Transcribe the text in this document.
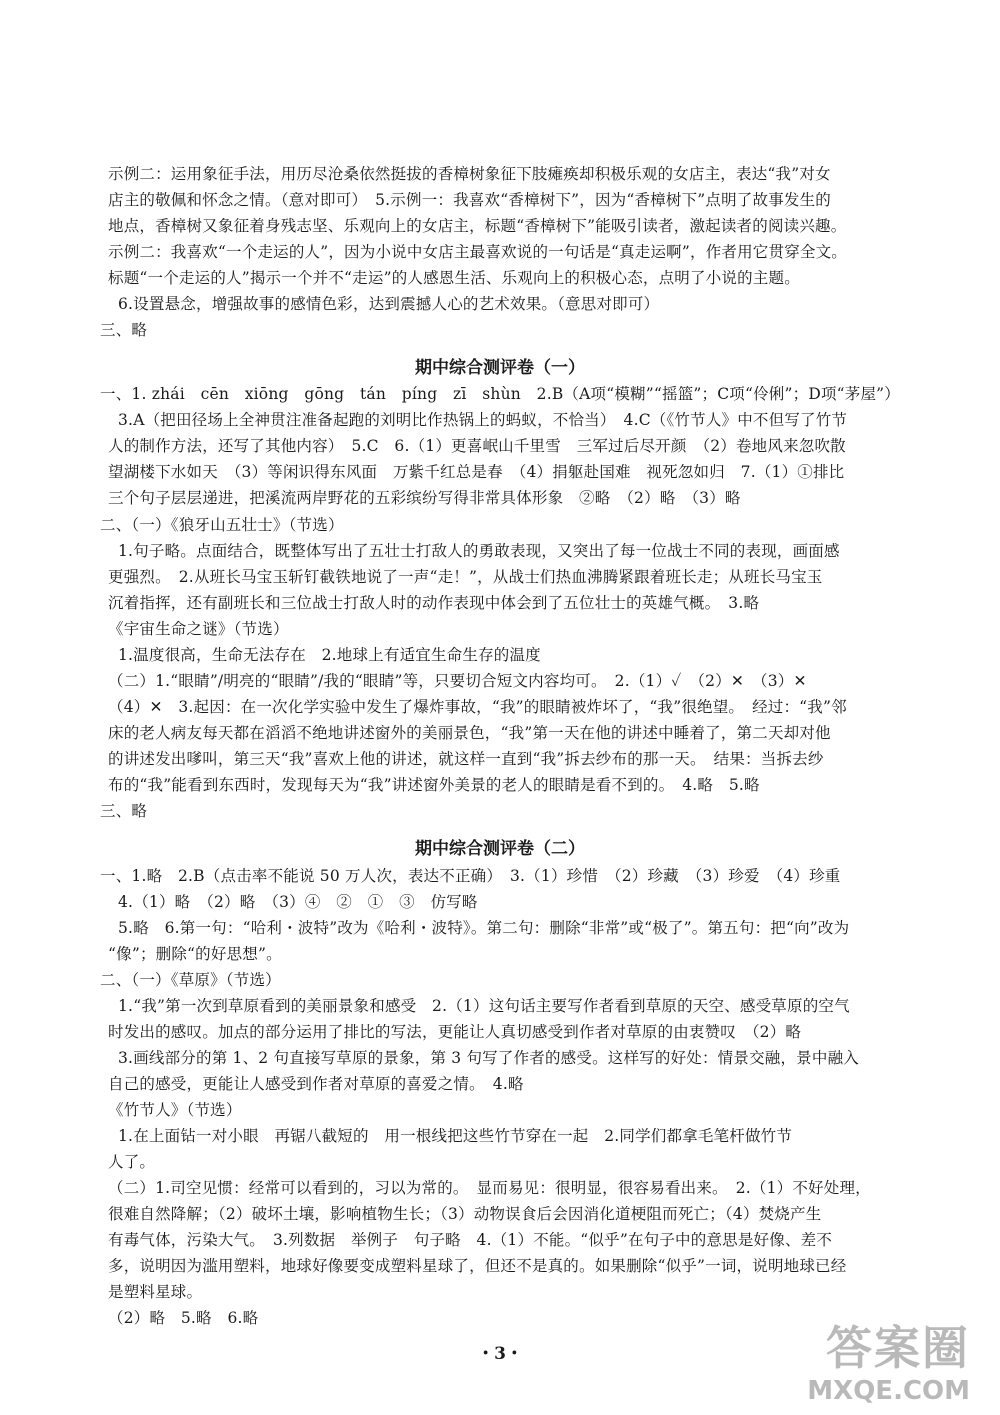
示例二：运用象征手法，用历尽沧桑依然挺拔的香樟树象征下肢瘫痪却积极乐观的女店主，表达“我”对女
店主的敬佩和怀念之情。（意对即可）　5.示例一：我喜欢“香樟树下”，因为“香樟树下”点明了故事发生的
地点，香樟树又象征着身残志坚、乐观向上的女店主，标题“香樟树下”能吸引读者，激起读者的阅读兴趣。
示例二：我喜欢“一个走运的人”，因为小说中女店主最喜欢说的一句话是“真走运啊”，作者用它贯穿全文。
标题“一个走运的人”揭示一个并不“走运”的人感恩生活、乐观向上的积极心态，点明了小说的主题。
6.设置悬念，增强故事的感情色彩，达到震撼人心的艺术效果。（意思对即可）
三、略
一、1. zhái　cēn　xiōng　gōng　tán　píng　zī　shùn　2.B（A项“模糊”“摇篮”；C项“伶俐”；D项“茅屋”）
3.A（把田径场上全神贯注准备起跑的刘明比作热锅上的蚂蚁，不恰当）　4.C（《竹节人》中不但写了竹节
人的制作方法，还写了其他内容）　5.C　6.（1）更喜岷山千里雪　三军过后尽开颜　（2）卷地风来忽吹散
望湖楼下水如天　（3）等闲识得东风面　万紫千红总是春　（4）捐躯赴国难　视死忽如归　7.（1）①排比
三个句子层层递进，把溪流两岸野花的五彩缤纷写得非常具体形象　②略　（2）略　（3）略
二、（一）《狼牙山五壮士》（节选）
1.句子略。点面结合，既整体写出了五壮士打敌人的勇敢表现，又突出了每一位战士不同的表现，画面感
更强烈。　2.从班长马宝玉斩钉截铁地说了一声“走！”，从战士们热血沸腾紧跟着班长走；从班长马宝玉
沉着指挥，还有副班长和三位战士打敌人时的动作表现中体会到了五位壮士的英雄气概。　3.略
《宇宙生命之谜》（节选）
1.温度很高，生命无法存在　2.地球上有适宜生命生存的温度
（二）1.“眼睛”/明亮的“眼睛”/我的“眼睛”等，只要切合短文内容均可。　2.（1）✓　（2）✕　（3）✕
（4）✕　3.起因：在一次化学实验中发生了爆炸事故，“我”的眼睛被炸坏了，“我”很绝望。　经过：“我”邻
床的老人病友每天都在滔滔不绝地讲述窗外的美丽景色，“我”第一天在他的讲述中睡着了，第二天却对他
的讲述发出嗲叫，第三天“我”喜欢上他的讲述，就这样一直到“我”拆去纱布的那一天。　结果：当拆去纱
布的“我”能看到东西时，发现每天为“我”讲述窗外美景的老人的眼睛是看不到的。　4.略　5.略
三、略
一、1.略　2.B（点击率不能说 50 万人次，表达不正确）　3.（1）珍惜　（2）珍藏　（3）珍爱　（4）珍重
4.（1）略　（2）略　（3）④　②　①　③　仿写略
5.略　6.第一句：“哈利・波特”改为《哈利・波特》。第二句：删除“非常”或“极了”。第五句：把“向”改为
“像”；删除“的好思想”。
二、（一）《草原》（节选）
1.“我”第一次到草原看到的美丽景象和感受　2.（1）这句话主要写作者看到草原的天空、感受草原的空气
时发出的感叹。加点的部分运用了排比的写法，更能让人真切感受到作者对草原的由衷赞叹　（2）略
3.画线部分的第 1、2 句直接写草原的景象，第 3 句写了作者的感受。这样写的好处：情景交融，景中融入
自己的感受，更能让人感受到作者对草原的喜爱之情。　4.略
《竹节人》（节选）
1.在上面钻一对小眼　再锯八截短的　用一根线把这些竹节穿在一起　2.同学们都拿毛笔杆做竹节
人了。
（二）1.司空见惯：经常可以看到的，习以为常的。　显而易见：很明显，很容易看出来。　2.（1）不好处理，
很难自然降解；（2）破坏土壤，影响植物生长；（3）动物误食后会因消化道梗阻而死亡；（4）焚烧产生
有毒气体，污染大气。　3.列数据　举例子　句子略　4.（1）不能。“似乎”在句子中的意思是好像、差不
多，说明因为滥用塑料，地球好像要变成塑料星球了，但还不是真的。如果删除“似乎”一词，说明地球已经
是塑料星球。
（2）略　5.略　6.略
期中综合测评卷（一）
期中综合测评卷（二）
答案圈
MXQE.COM
・3・
